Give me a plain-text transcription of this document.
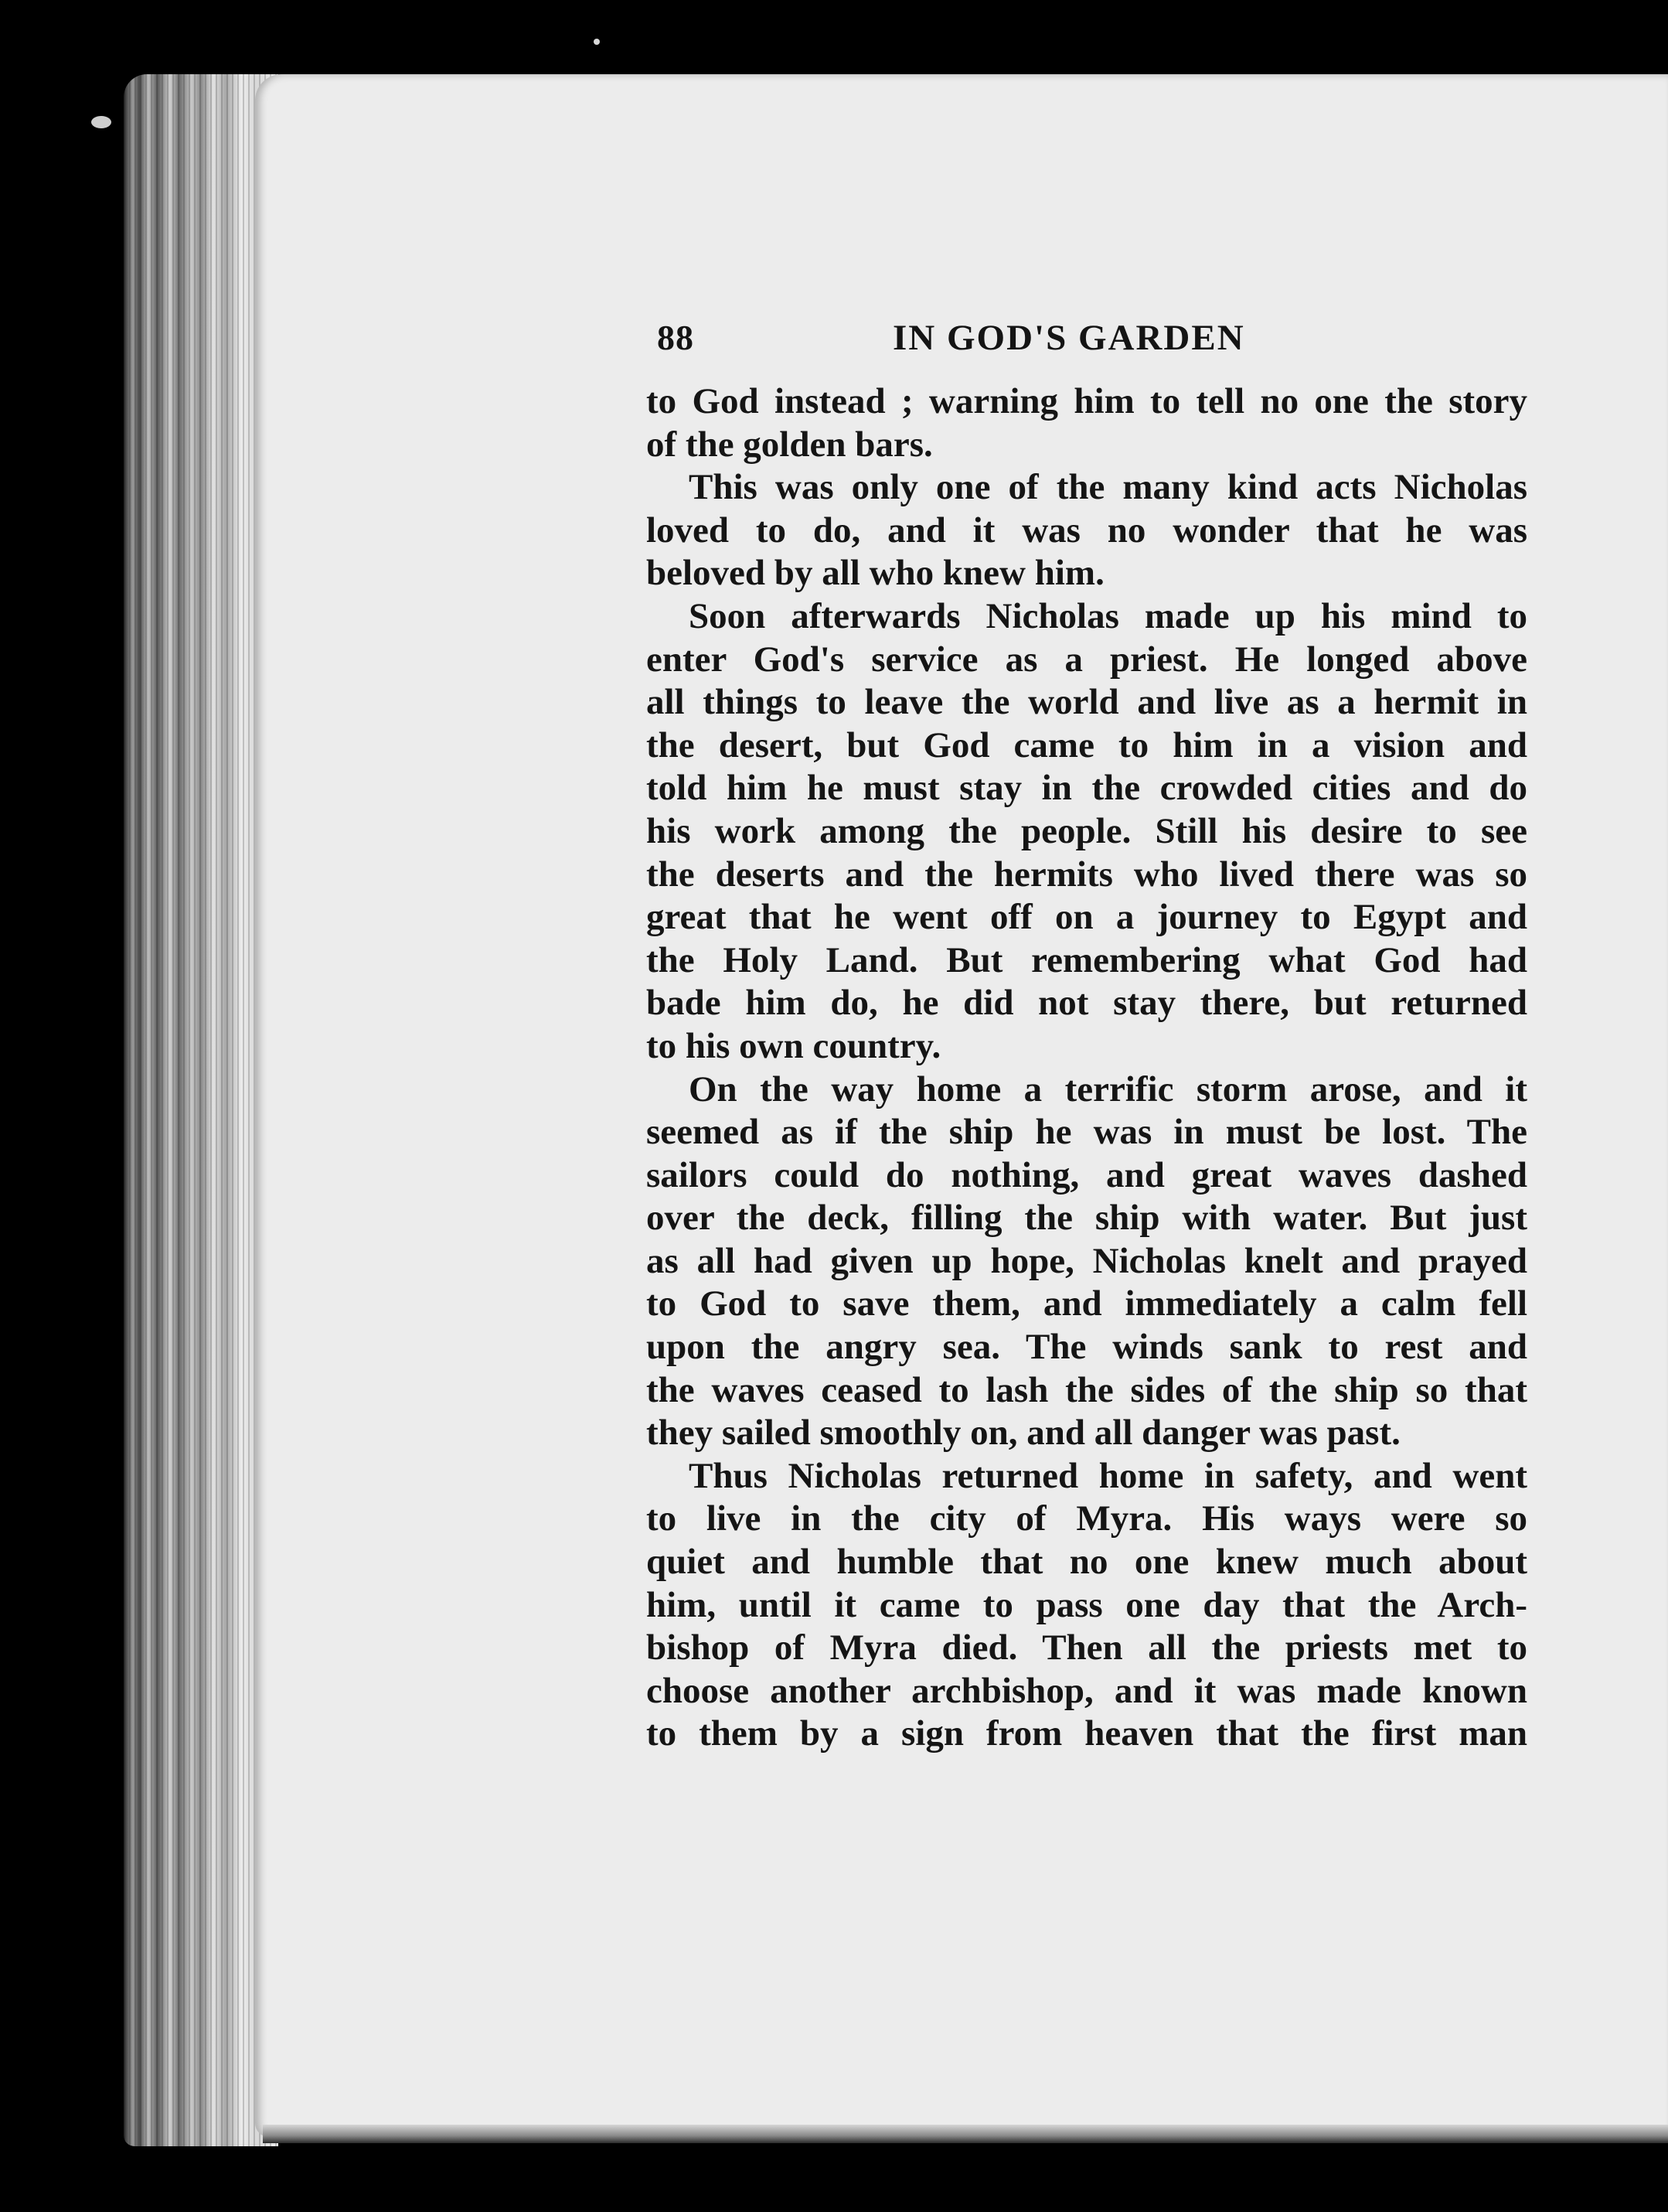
88	IN GOD'S GARDEN
to God instead ; warning him to tell no one the story
of the golden bars.
This was only one of the many kind acts Nicholas
loved to do, and it was no wonder that he was
beloved by all who knew him.
Soon afterwards Nicholas made up his mind to
enter God's service as a priest. He longed above
all things to leave the world and live as a hermit in
the desert, but God came to him in a vision and
told him he must stay in the crowded cities and do
his work among the people. Still his desire to see
the deserts and the hermits who lived there was so
great that he went off on a journey to Egypt and
the Holy Land. But remembering what God had
bade him do, he did not stay there, but returned
to his own country.
On the way home a terrific storm arose, and it
seemed as if the ship he was in must be lost. The
sailors could do nothing, and great waves dashed
over the deck, filling the ship with water. But just
as all had given up hope, Nicholas knelt and prayed
to God to save them, and immediately a calm fell
upon the angry sea. The winds sank to rest and
the waves ceased to lash the sides of the ship so that
they sailed smoothly on, and all danger was past.
Thus Nicholas returned home in safety, and went
to live in the city of Myra. His ways were so
quiet and humble that no one knew much about
him, until it came to pass one day that the Arch-
bishop of Myra died. Then all the priests met to
choose another archbishop, and it was made known
to them by a sign from heaven that the first man
